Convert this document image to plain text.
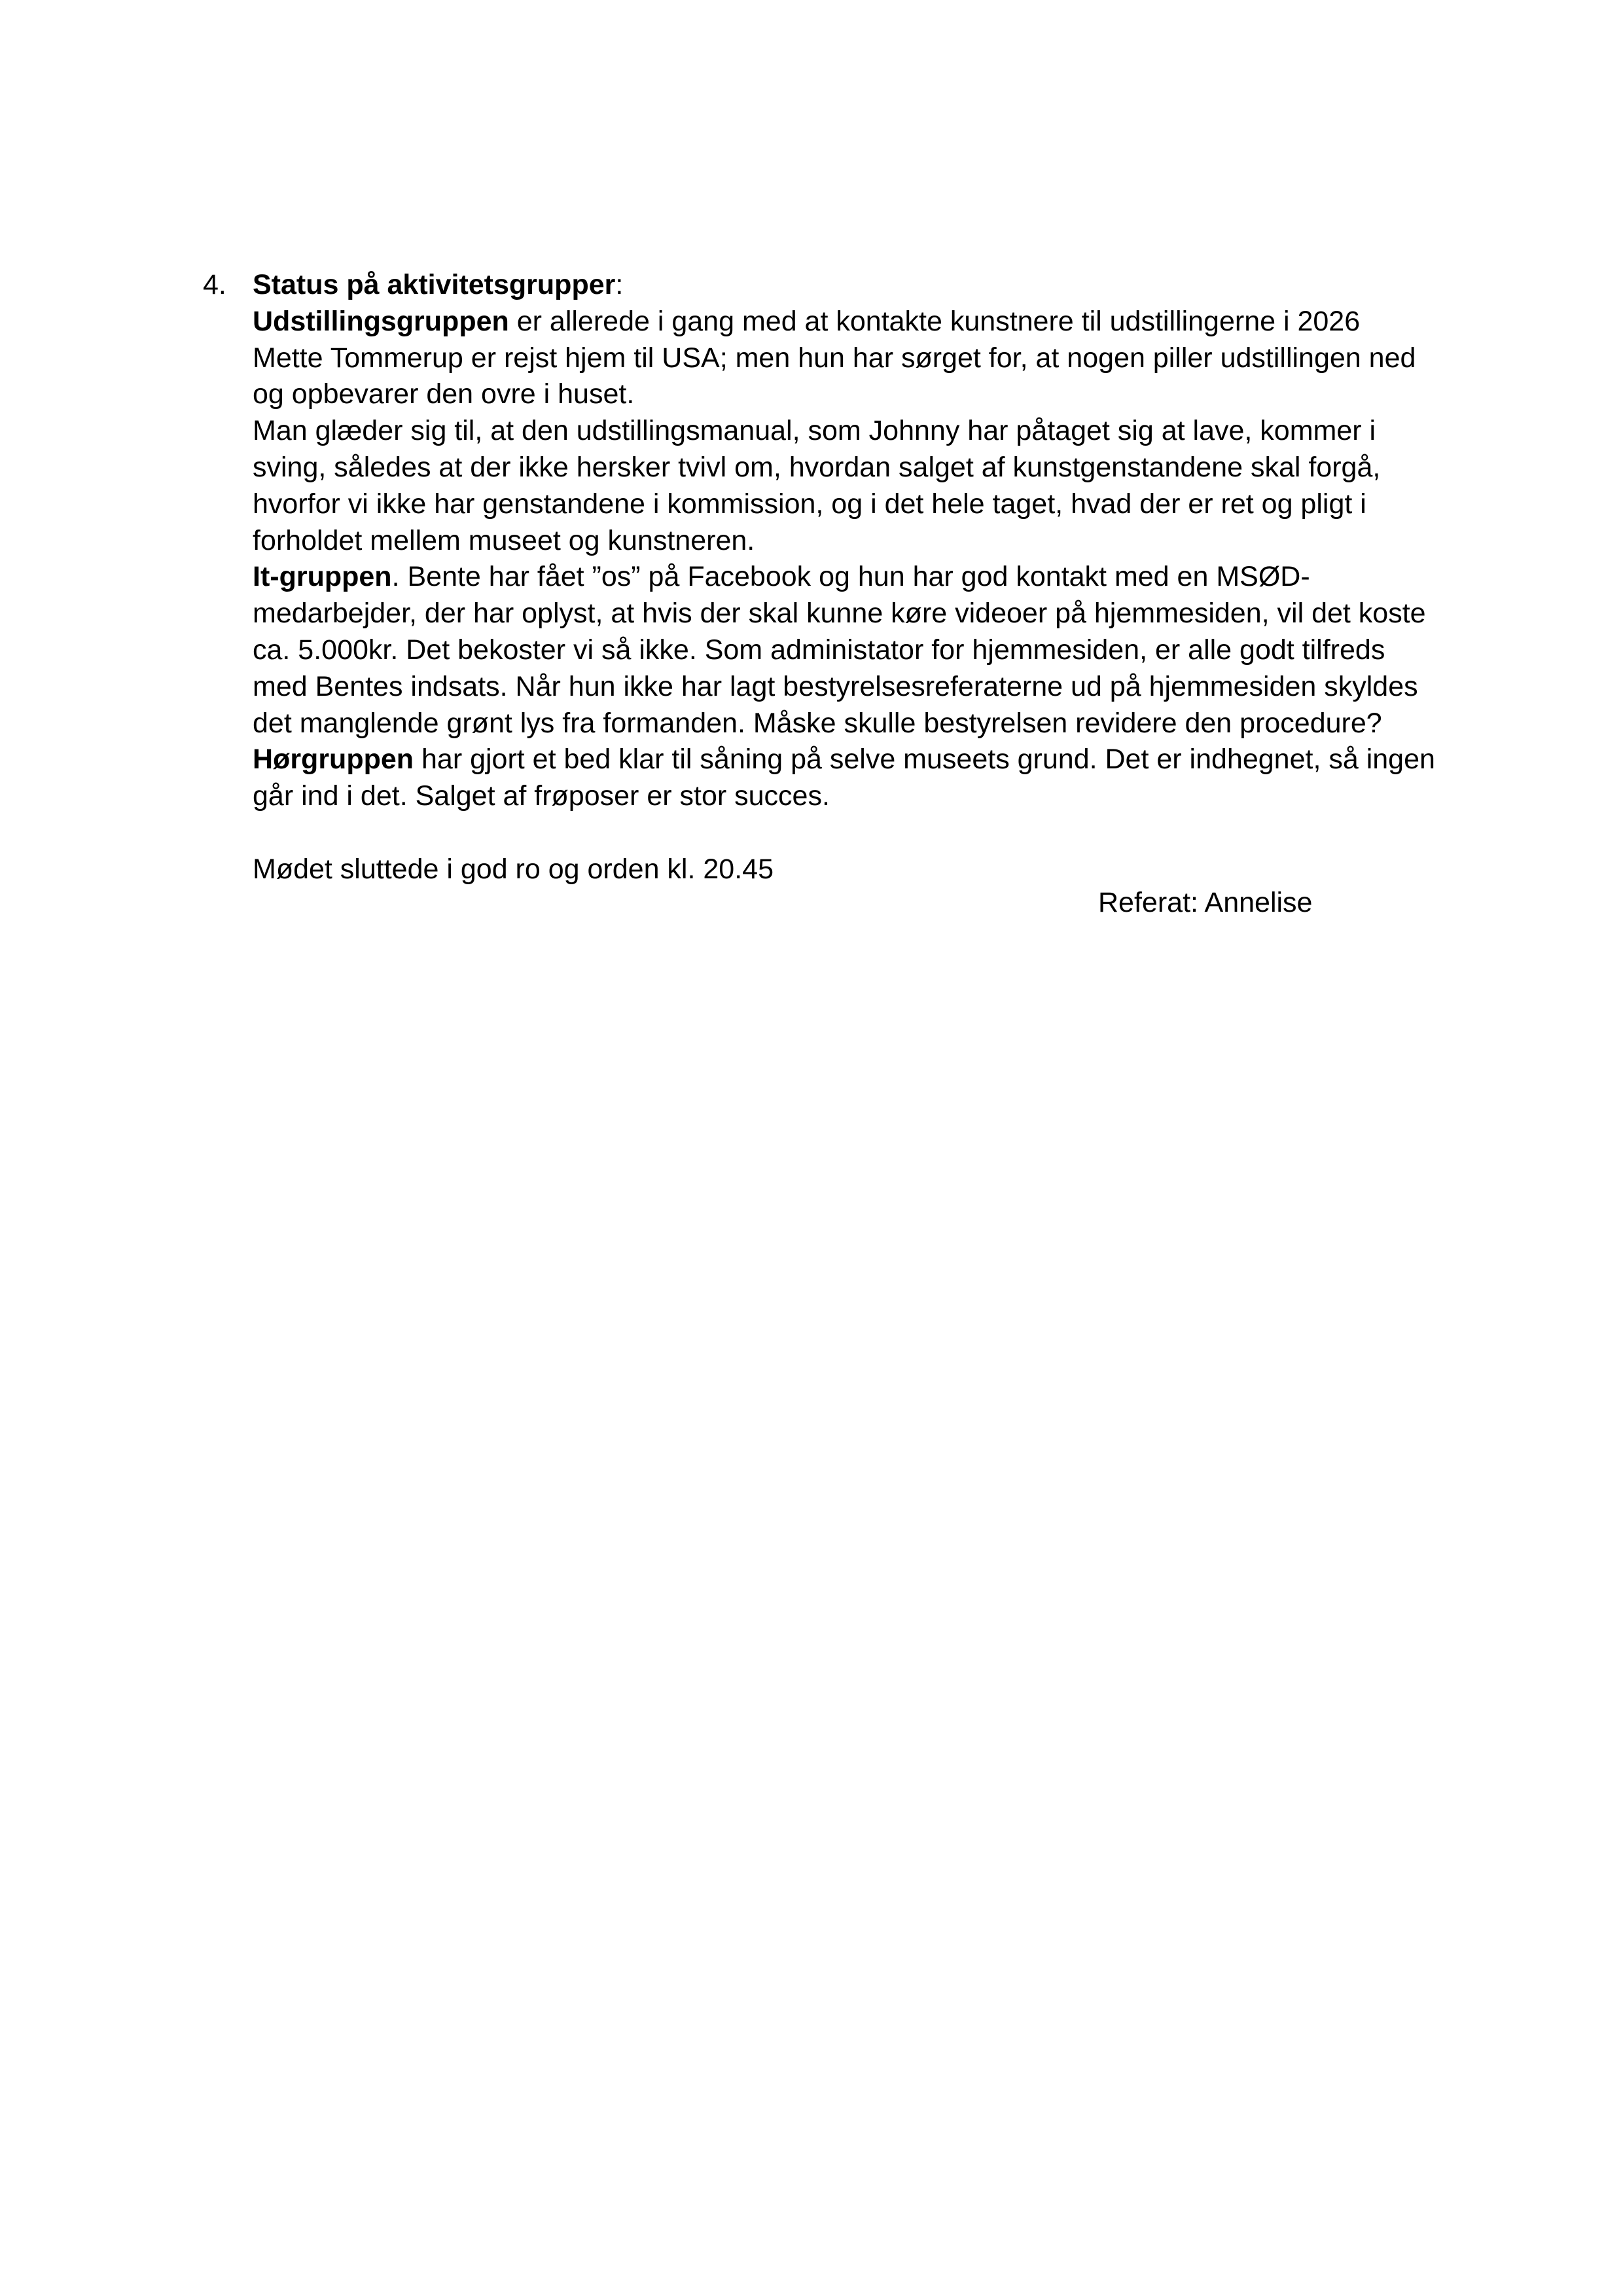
4. Status på aktivitetsgrupper:
Udstillingsgruppen er allerede i gang med at kontakte kunstnere til udstillingerne i 2026
Mette Tommerup er rejst hjem til USA; men hun har sørget for, at nogen piller udstillingen ned
og opbevarer den ovre i huset.
Man glæder sig til, at den udstillingsmanual, som Johnny har påtaget sig at lave, kommer i
sving, således at der ikke hersker tvivl om, hvordan salget af kunstgenstandene skal forgå,
hvorfor vi ikke har genstandene i kommission, og i det hele taget, hvad der er ret og pligt i
forholdet mellem museet og kunstneren.
It-gruppen. Bente har fået ”os” på Facebook og hun har god kontakt med en MSØD-
medarbejder, der har oplyst, at hvis der skal kunne køre videoer på hjemmesiden, vil det koste
ca. 5.000kr. Det bekoster vi så ikke. Som administator for hjemmesiden, er alle godt tilfreds
med Bentes indsats. Når hun ikke har lagt bestyrelsesreferaterne ud på hjemmesiden skyldes
det manglende grønt lys fra formanden. Måske skulle bestyrelsen revidere den procedure?
Hørgruppen har gjort et bed klar til såning på selve museets grund. Det er indhegnet, så ingen
går ind i det. Salget af frøposer er stor succes.
Mødet sluttede i god ro og orden kl. 20.45
Referat: Annelise
